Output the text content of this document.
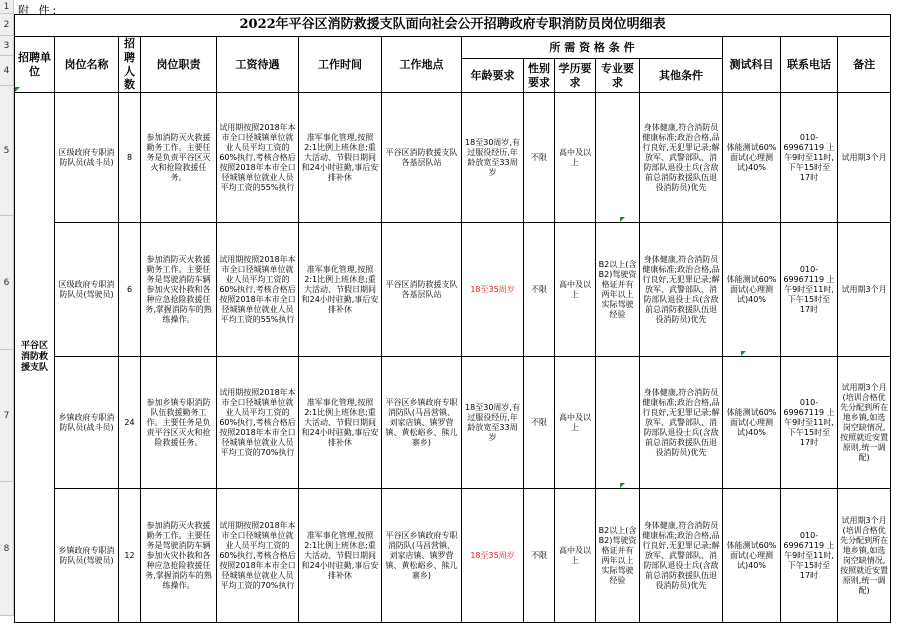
1
2
3
4
5
6
7
8
附 件:
2022年平谷区消防救援支队面向社会公开招聘政府专职消防员岗位明细表															
招聘单位	岗位名称	招聘人数	岗位职责	工资待遇	工作时间	工作地点	所 需 资 格 条 件					测试科目	联系电话	备注	
							年龄要求	性别要求	学历要求	专业要求	其他条件				
平谷区消防救援支队	区级政府专职消防队员(战斗员)	8	参加消防灭火救援勤务工作。主要任务是负责平谷区灭火和抢险救援任务。	试用期按照2018年本市全口径城镇单位就业人员平均工资的60%执行,考核合格后按照2018年本市全口径城镇单位就业人员平均工资的55%执行	准军事化管理,按照2:1比例上班休息;重大活动、节假日期间和24小时驻勤,事后安排补休	平谷区消防救援支队各基层队站	18至30周岁,有过服役经历,年龄放宽至33周岁	不限	高中及以上		身体健康,符合消防员健康标准;政治合格,品行良好,无犯罪记录;解放军、武警部队、消防部队退役士兵(含敌前总消防救援队伍退役消防员)优先	体能测试60% 面试(心理测试)40%	010-69967119 上午9时至11时,下午15时至17时	试用期3个月	
	区级政府专职消防队员(驾驶员)	6	参加消防灭火救援勤务工作。主要任务是驾驶消防车辆参加火灾扑救和各种应急抢险救援任务,掌握消防车的熟练操作。	试用期按照2018年本市全口径城镇单位就业人员平均工资的60%执行,考核合格后按照2018年本市全口径城镇单位就业人员平均工资的55%执行	准军事化管理,按照2:1比例上班休息;重大活动、节假日期间和24小时驻勤,事后安排补休	平谷区消防救援支队各基层队站	18至35周岁	不限	高中及以上	B2以上(含B2)驾驶资格证并有两年以上实际驾驶经验	身体健康,符合消防员健康标准;政治合格,品行良好,无犯罪记录;解放军、武警部队、消防部队退役士兵(含敌前总消防救援队伍退役消防员)优先	体能测试60% 面试(心理测试)40%	010-69967119 上午9时至11时,下午15时至17时	试用期3个月	
	乡镇政府专职消防队员(战斗员)	24	参加乡镇专职消防队伍救援勤务工作。主要任务是负责平谷区灭火和抢险救援任务。	试用期按照2018年本市全口径城镇单位就业人员平均工资的60%执行,考核合格后按照2018年本市全口径城镇单位就业人员平均工资的70%执行	准军事化管理,按照2:1比例上班休息;重大活动、节假日期间和24小时驻勤,事后安排补休	平谷区乡镇政府专职消防队(马昌营镇、刘家店镇、镇罗营镇、黄松峪乡、熊儿寨乡)	18至30周岁,有过服役经历,年龄放宽至33周岁	不限	高中及以上		身体健康,符合消防员健康标准;政治合格,品行良好,无犯罪记录;解放军、武警部队、消防部队退役士兵(含敌前总消防救援队伍退役消防员)优先	体能测试60% 面试(心理测试)40%	010-69967119 上午9时至11时,下午15时至17时	试用期3个月(培训合格优先分配到所在地乡镇,如选岗空缺情况,按照就近安置原则,统一调配)	
	乡镇政府专职消防队员(驾驶员)	12	参加消防灭火救援勤务工作。主要任务是驾驶消防车辆参加火灾扑救和各种应急抢险救援任务,掌握消防车的熟练操作。	试用期按照2018年本市全口径城镇单位就业人员平均工资的60%执行,考核合格后按照2018年本市全口径城镇单位就业人员平均工资的70%执行	准军事化管理,按照2:1比例上班休息;重大活动、节假日期间和24小时驻勤,事后安排补休	平谷区乡镇政府专职消防队(马昌营镇、刘家店镇、镇罗营镇、黄松峪乡、熊儿寨乡)	18至35周岁	不限	高中及以上	B2以上(含B2)驾驶资格证并有两年以上实际驾驶经验	身体健康,符合消防员健康标准;政治合格,品行良好,无犯罪记录;解放军、武警部队、消防部队退役士兵(含敌前总消防救援队伍退役消防员)优先	体能测试60% 面试(心理测试)40%	010-69967119 上午9时至11时,下午15时至17时	试用期3个月(培训合格优先分配到所在地乡镇,如选岗空缺情况,按照就近安置原则,统一调配)	
